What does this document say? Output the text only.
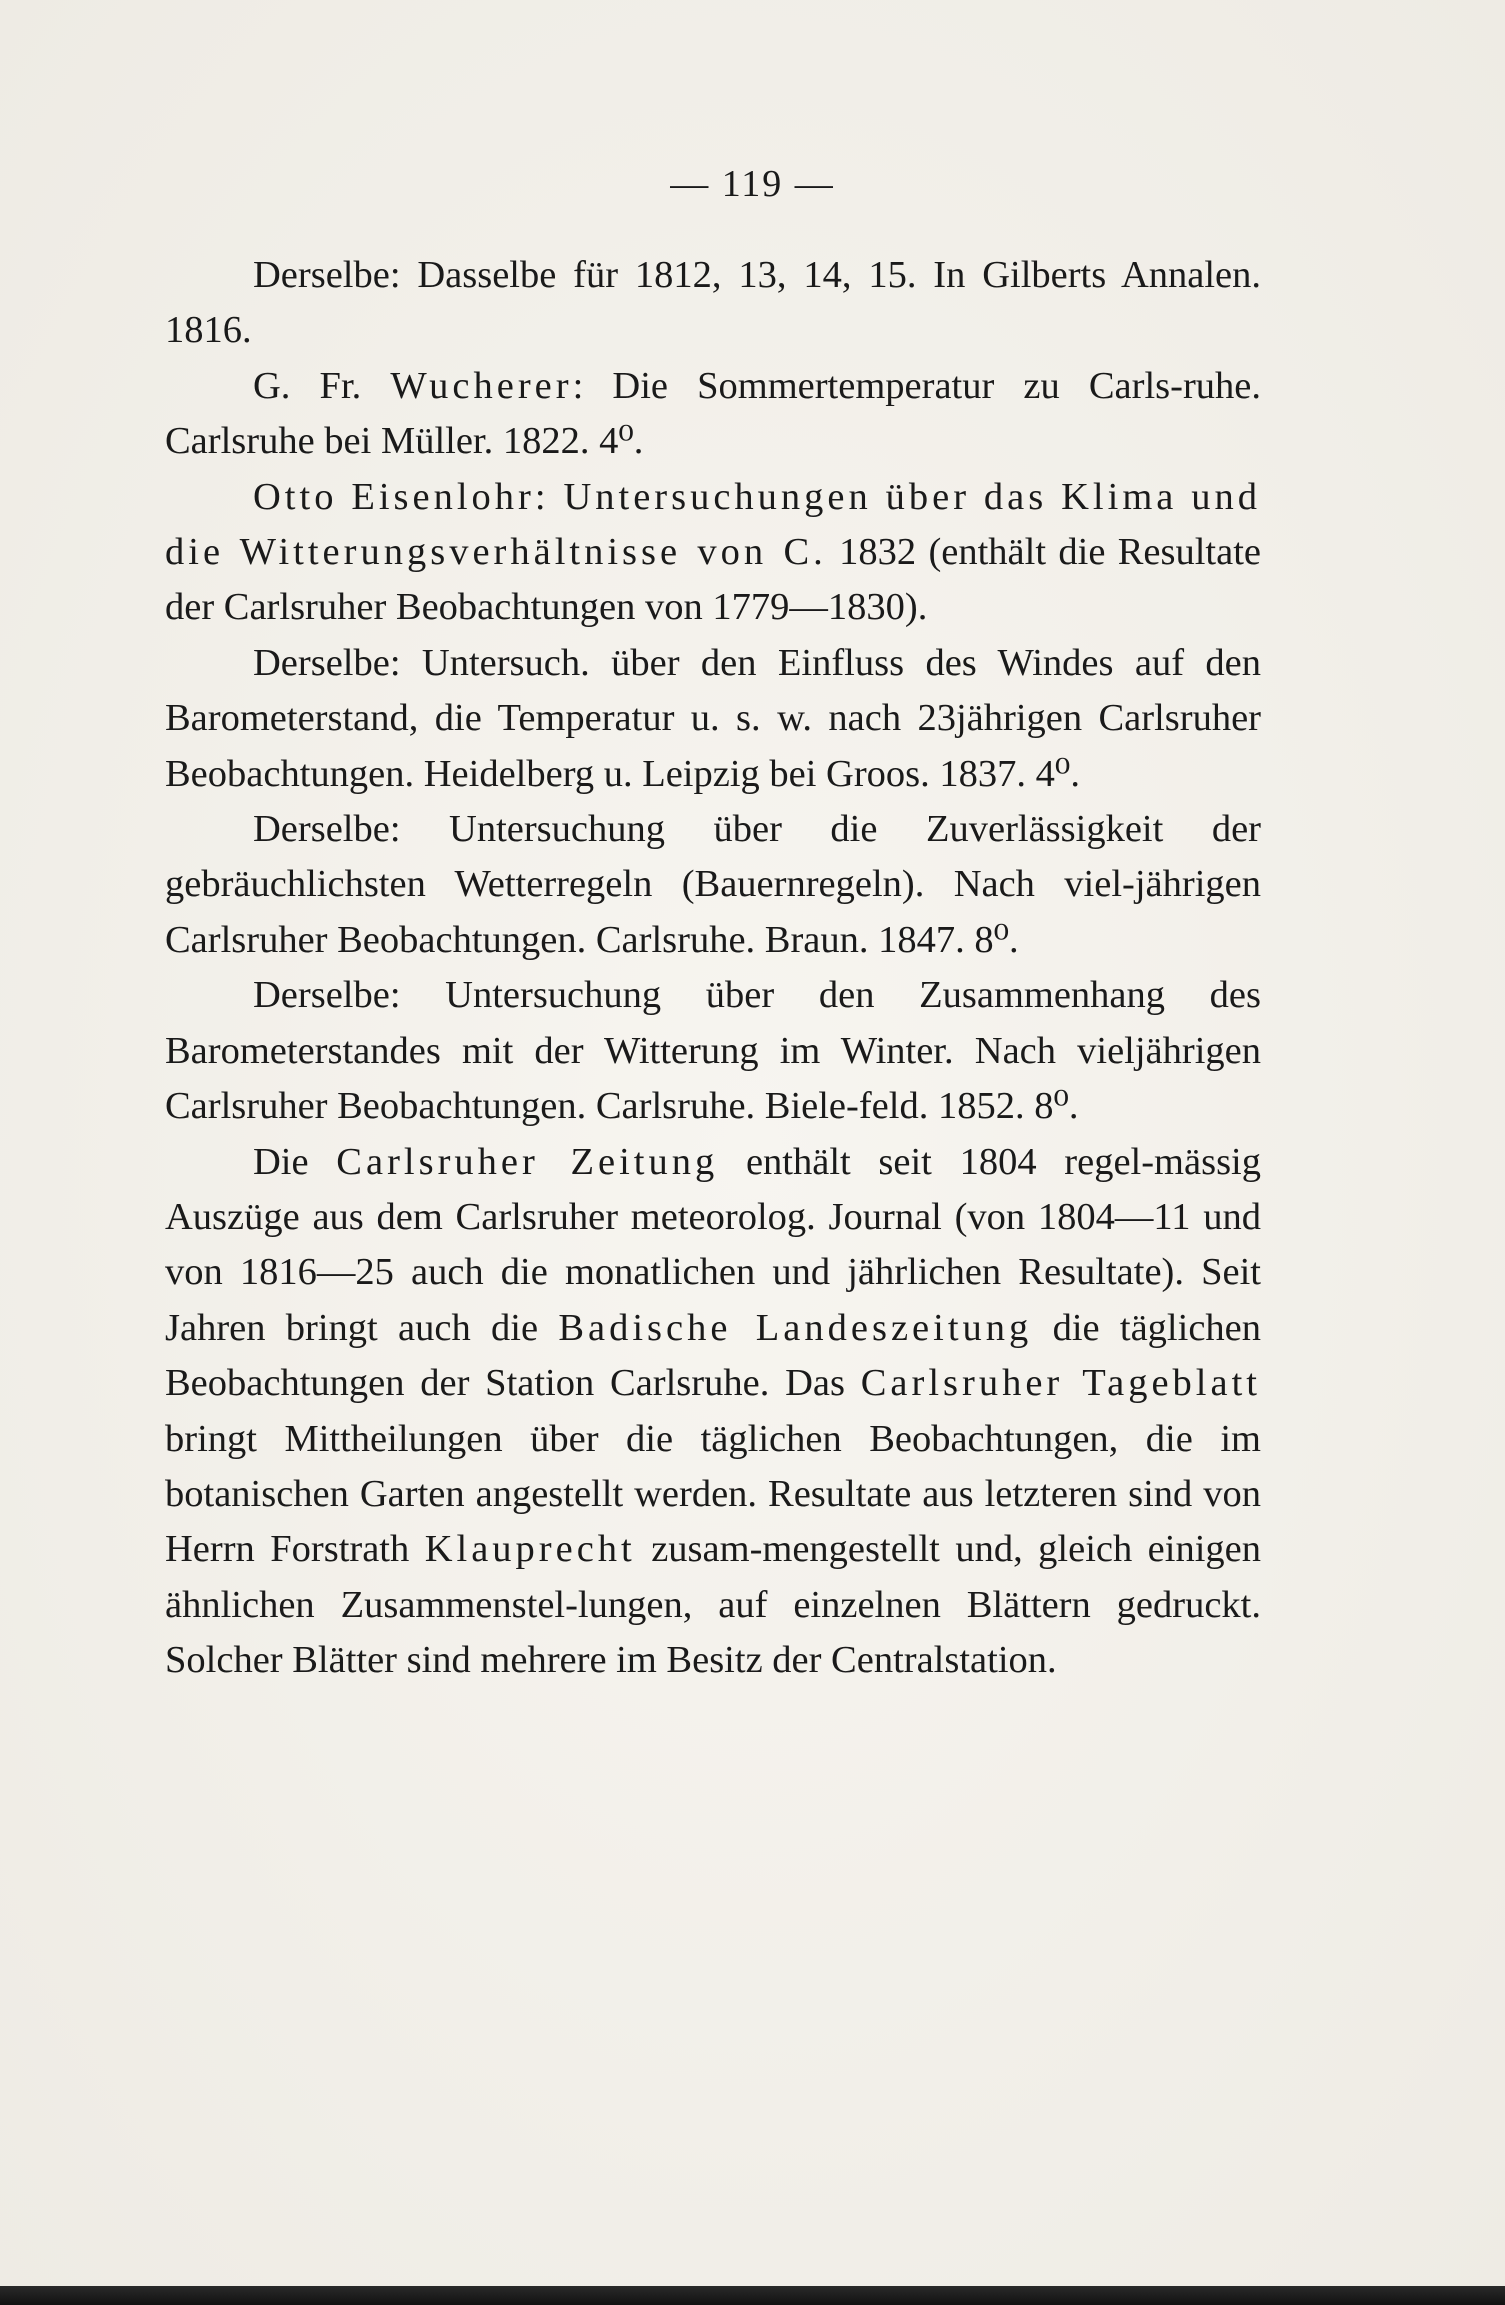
— 119 —

Derselbe: Dasselbe für 1812, 13, 14, 15. In Gilberts Annalen. 1816.

G. Fr. Wucherer: Die Sommertemperatur zu Carls-ruhe. Carlsruhe bei Müller. 1822. 4⁰.

Otto Eisenlohr: Untersuchungen über das Klima und die Witterungsverhältnisse von C. 1832 (enthält die Resultate der Carlsruher Beobachtungen von 1779—1830).

Derselbe: Untersuch. über den Einfluss des Windes auf den Barometerstand, die Temperatur u. s. w. nach 23jährigen Carlsruher Beobachtungen. Heidelberg u. Leipzig bei Groos. 1837. 4⁰.

Derselbe: Untersuchung über die Zuverlässigkeit der gebräuchlichsten Wetterregeln (Bauernregeln). Nach viel-jährigen Carlsruher Beobachtungen. Carlsruhe. Braun. 1847. 8⁰.

Derselbe: Untersuchung über den Zusammenhang des Barometerstandes mit der Witterung im Winter. Nach vieljährigen Carlsruher Beobachtungen. Carlsruhe. Biele-feld. 1852. 8⁰.

Die Carlsruher Zeitung enthält seit 1804 regel-mässig Auszüge aus dem Carlsruher meteorolog. Journal (von 1804—11 und von 1816—25 auch die monatlichen und jährlichen Resultate). Seit Jahren bringt auch die Badische Landeszeitung die täglichen Beobachtungen der Station Carlsruhe. Das Carlsruher Tageblatt bringt Mittheilungen über die täglichen Beobachtungen, die im botanischen Garten angestellt werden. Resultate aus letzteren sind von Herrn Forstrath Klauprecht zusam-mengestellt und, gleich einigen ähnlichen Zusammenstel-lungen, auf einzelnen Blättern gedruckt. Solcher Blätter sind mehrere im Besitz der Centralstation.
